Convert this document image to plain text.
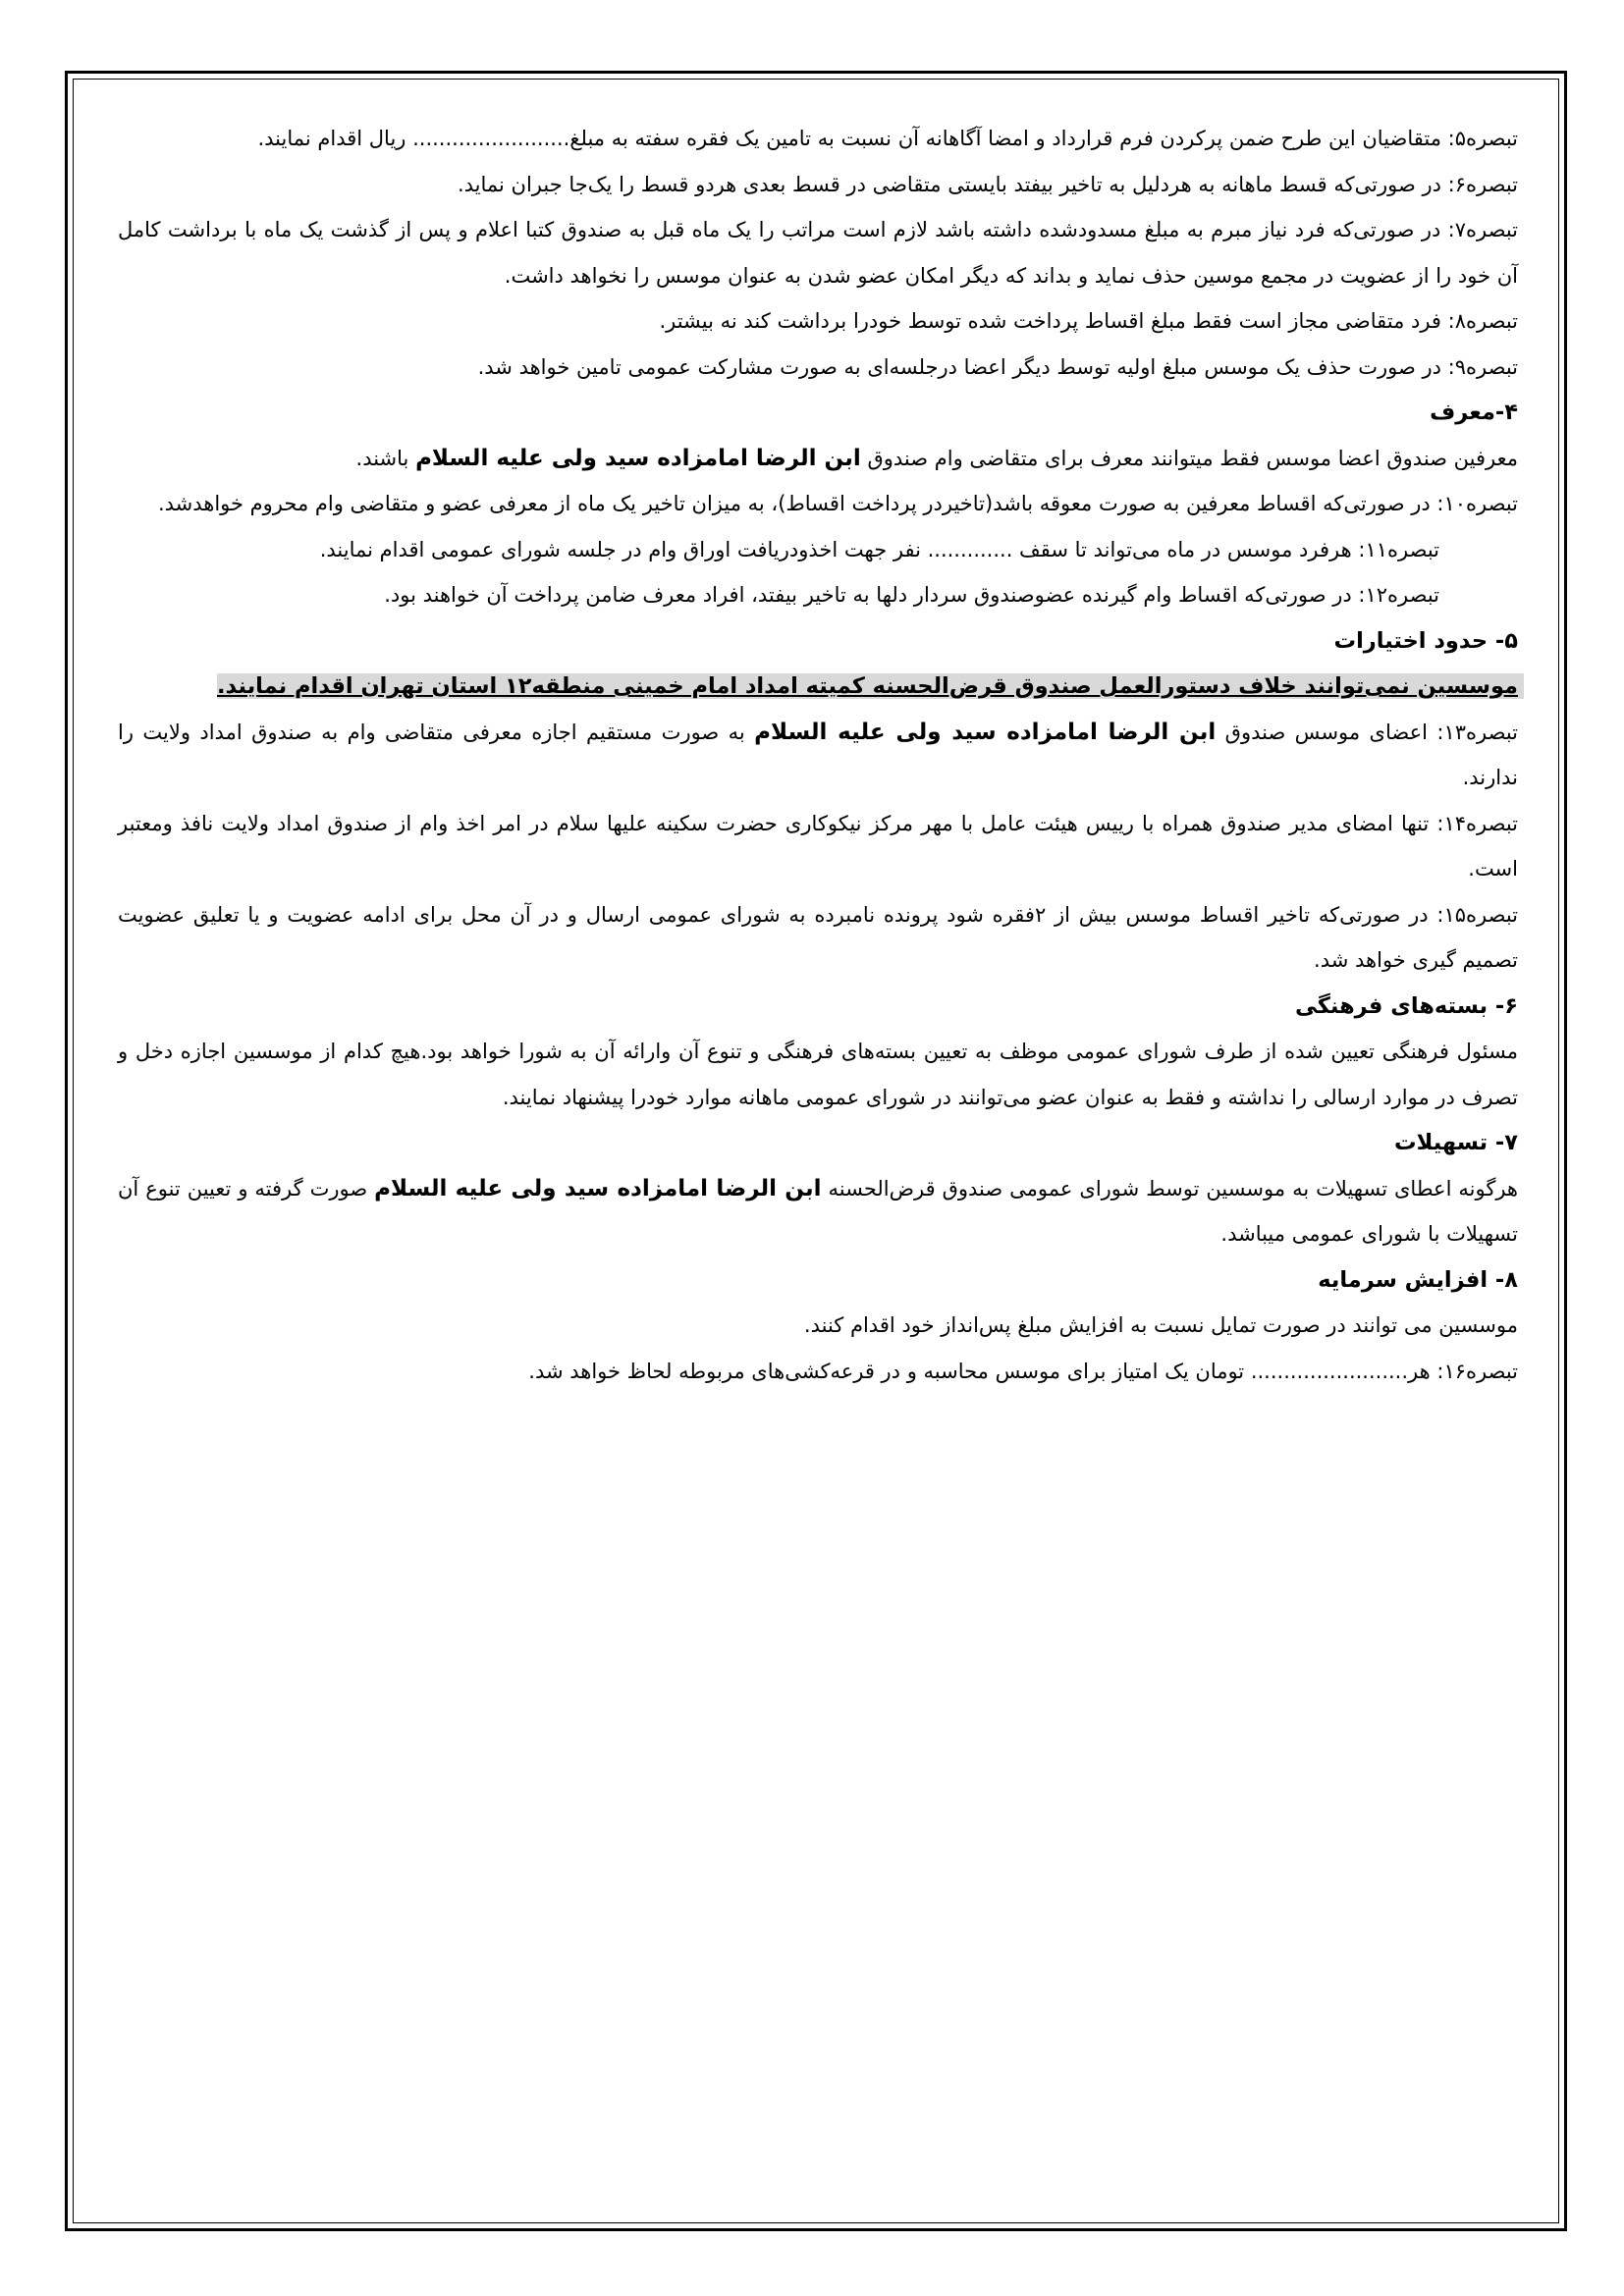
تبصره۵: متقاضیان این طرح ضمن پرکردن فرم قرارداد و امضا آگاهانه آن نسبت به تامین یک فقره سفته به مبلغ........................ ریال اقدام نمایند.

تبصره۶: در صورتی‌که قسط ماهانه به هردلیل به تاخیر بیفتد بایستی متقاضی در قسط بعدی هردو قسط را یک‌جا جبران نماید.

تبصره۷: در صورتی‌که فرد نیاز مبرم به مبلغ مسدودشده داشته باشد لازم است مراتب را یک ماه قبل به صندوق کتبا اعلام و پس از گذشت یک ماه با برداشت کامل آن خود را از عضویت در مجمع موسین حذف نماید و بداند که دیگر امکان عضو شدن به عنوان موسس را نخواهد داشت.

تبصره۸: فرد متقاضی مجاز است فقط مبلغ اقساط پرداخت شده توسط خودرا برداشت کند نه بیشتر.

تبصره۹: در صورت حذف یک موسس مبلغ اولیه توسط دیگر اعضا درجلسه‌ای به صورت مشارکت عمومی تامین خواهد شد.

۴-معرف

معرفین صندوق اعضا موسس فقط میتوانند معرف برای متقاضی وام صندوق ابن الرضا امامزاده سید ولی علیه السلام باشند.

تبصره۱۰: در صورتی‌که اقساط معرفین به صورت معوقه باشد(تاخیردر پرداخت اقساط)، به میزان تاخیر یک ماه از معرفی عضو و متقاضی وام محروم خواهدشد.

تبصره۱۱: هرفرد موسس در ماه می‌تواند تا سقف ............. نفر جهت اخذودریافت اوراق وام در جلسه شورای عمومی اقدام نمایند.

تبصره۱۲: در صورتی‌که اقساط وام گیرنده عضوصندوق سردار دلها به تاخیر بیفتد، افراد معرف ضامن پرداخت آن خواهند بود.

۵- حدود اختیارات

موسسین نمی‌توانند خلاف دستورالعمل صندوق قرض‌الحسنه کمیته امداد امام خمینی منطقه۱۲ استان تهران اقدام نمایند.

تبصره۱۳: اعضای موسس صندوق ابن الرضا امامزاده سید ولی علیه السلام به صورت مستقیم اجازه معرفی متقاضی وام به صندوق امداد ولایت را ندارند.

تبصره۱۴: تنها امضای مدیر صندوق همراه با رییس هیئت عامل با مهر مرکز نیکوکاری حضرت سکینه علیها سلام در امر اخذ وام از صندوق امداد ولایت نافذ ومعتبر است.

تبصره۱۵: در صورتی‌که تاخیر اقساط موسس بیش از ۲فقره شود پرونده نامبرده به شورای عمومی ارسال و در آن محل برای ادامه عضویت و یا تعلیق عضویت تصمیم گیری خواهد شد.

۶- بسته‌های فرهنگی

مسئول فرهنگی تعیین شده از طرف شورای عمومی موظف به تعیین بسته‌های فرهنگی و تنوع آن وارائه آن به شورا خواهد بود.هیچ کدام از موسسین اجازه دخل و تصرف در موارد ارسالی را نداشته و فقط به عنوان عضو می‌توانند در شورای عمومی ماهانه موارد خودرا پیشنهاد نمایند.

۷- تسهیلات

هرگونه اعطای تسهیلات به موسسین توسط شورای عمومی صندوق قرض‌الحسنه ابن الرضا امامزاده سید ولی علیه السلام صورت گرفته و تعیین تنوع آن تسهیلات با شورای عمومی میباشد.

۸- افزایش سرمایه

موسسین می توانند در صورت تمایل نسبت به افزایش مبلغ پس‌انداز خود اقدام کنند.

تبصره۱۶: هر........................ تومان یک امتیاز برای موسس محاسبه و در قرعه‌کشی‌های مربوطه لحاظ خواهد شد.
